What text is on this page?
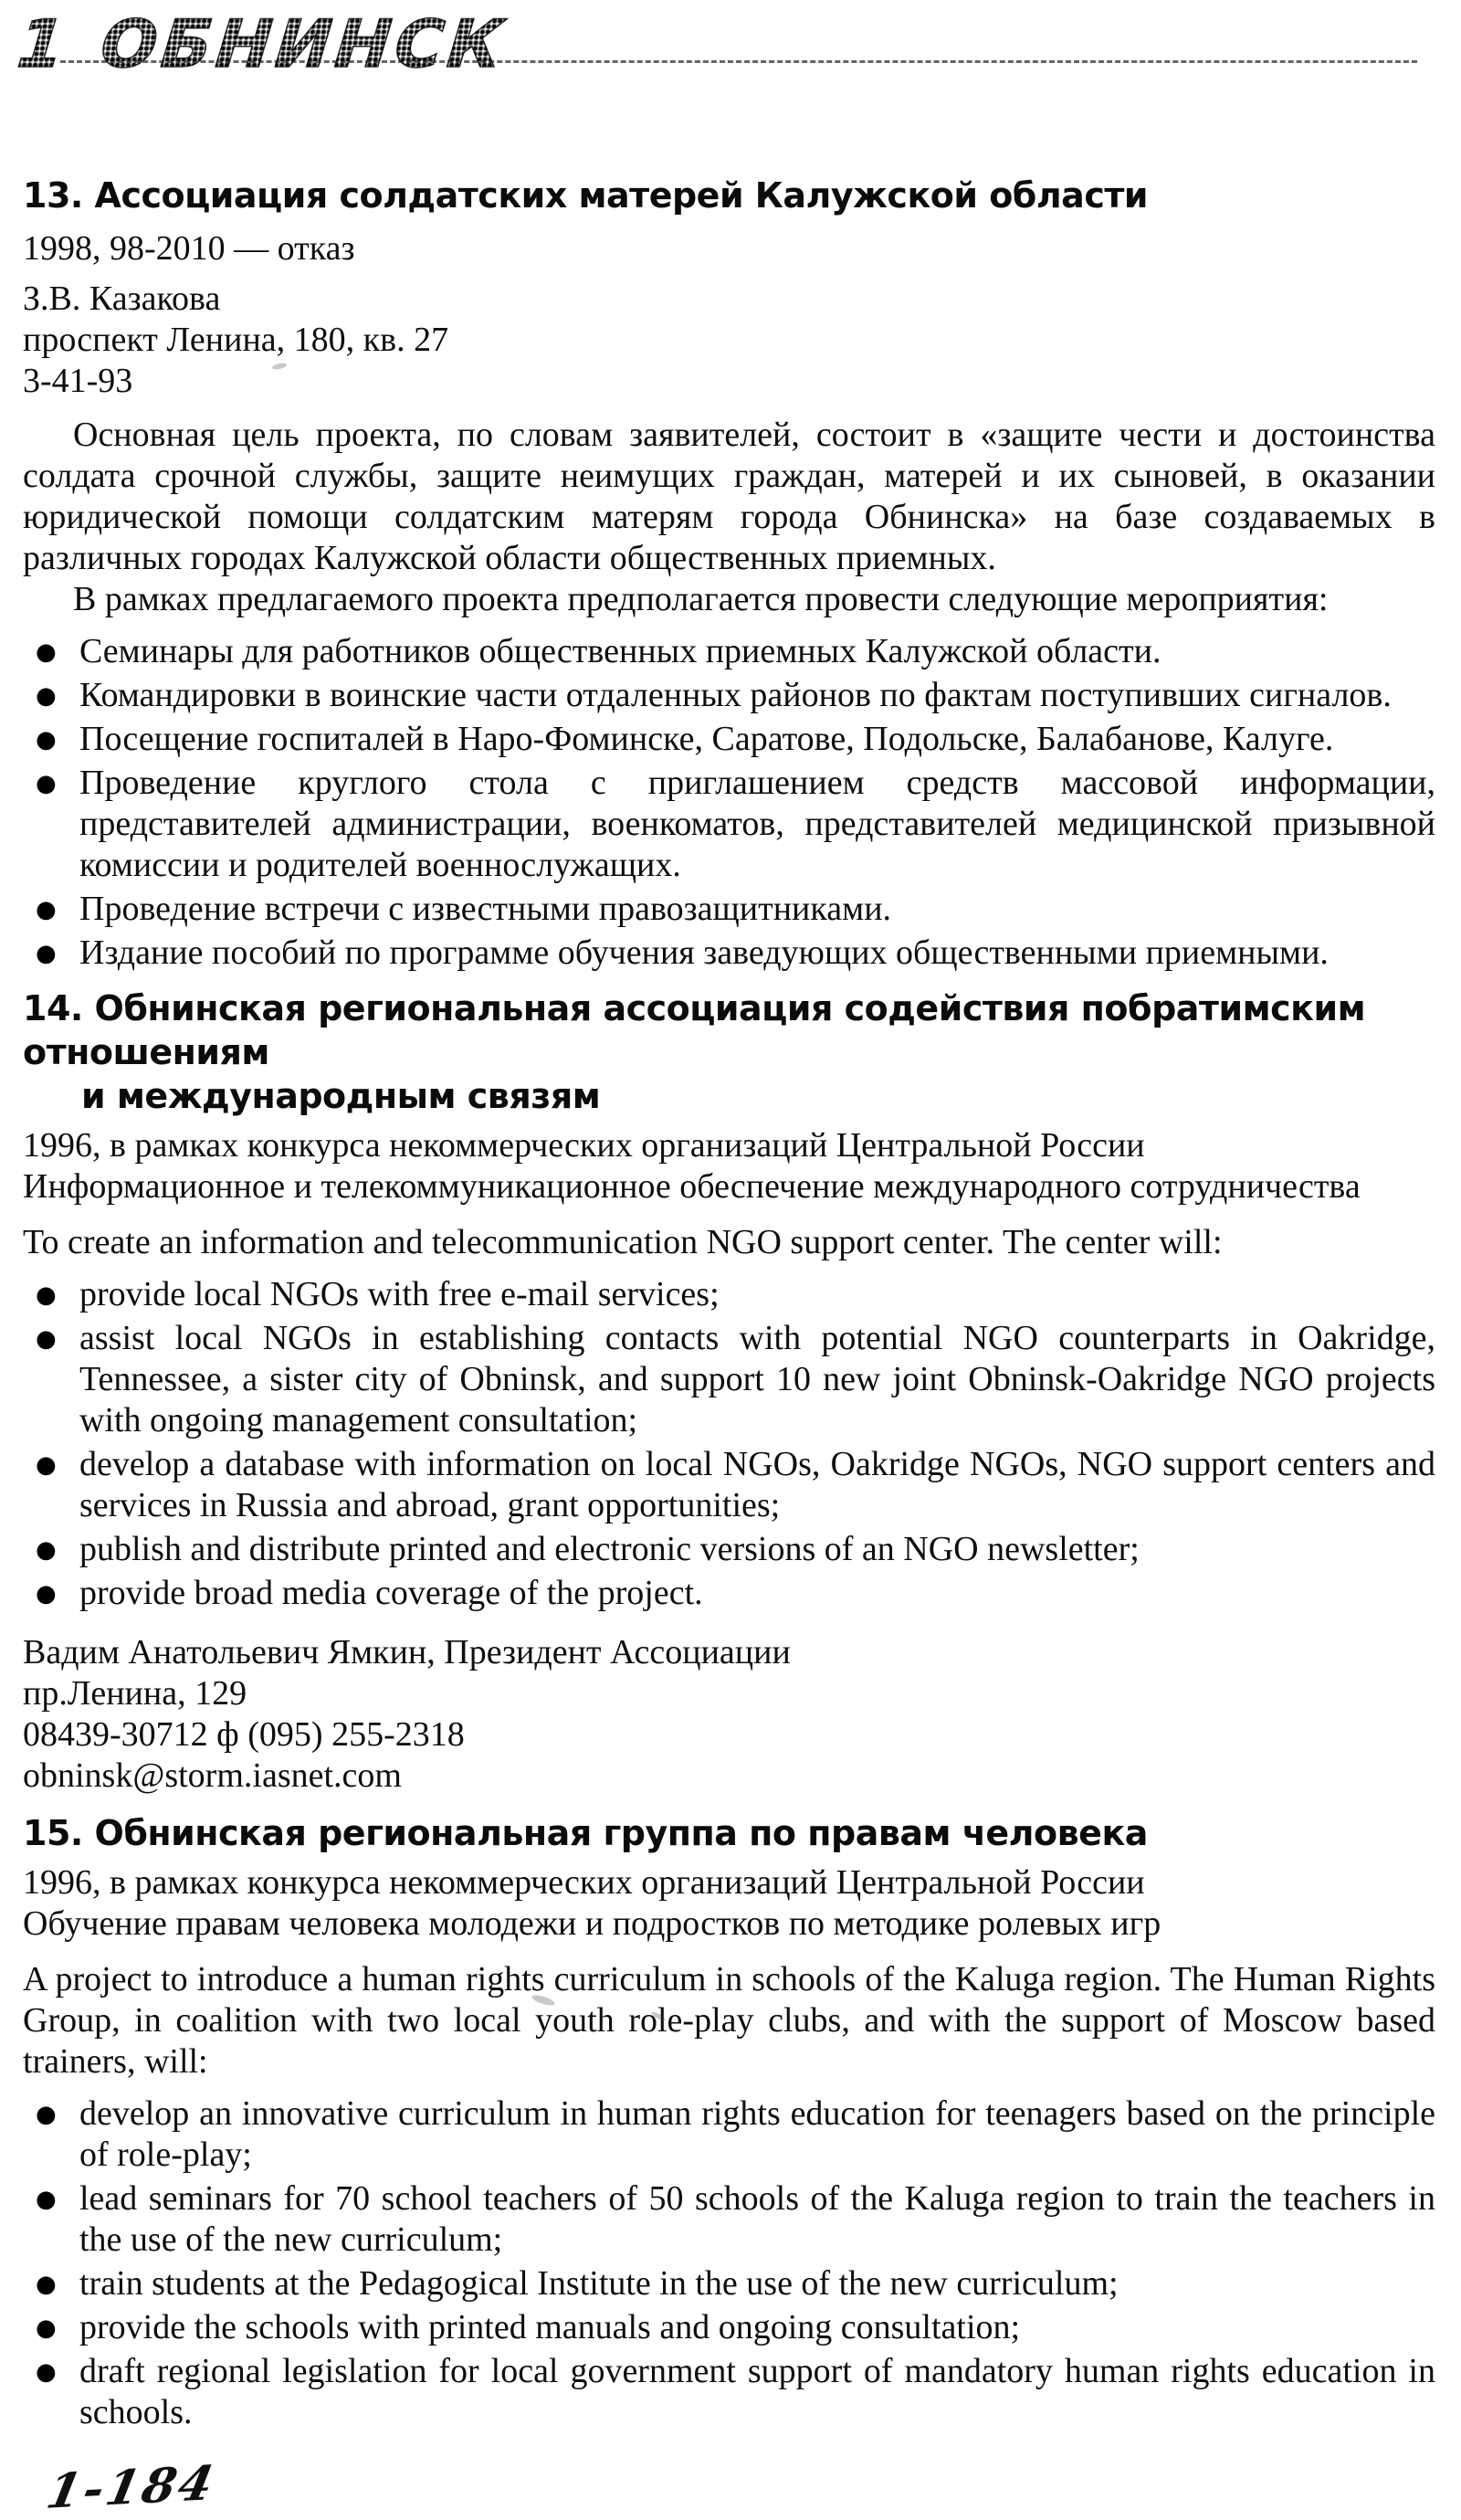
1 ОБНИНСК
13. Ассоциация солдатских матерей Калужской области

1998, 98-2010 — отказ

З.В. Казакова

проспект Ленина, 180, кв. 27

3-41-93

Основная цель проекта, по словам заявителей, состоит в «защите чести и достоинства солдата срочной службы, защите неимущих граждан, матерей и их сыновей, в оказании юридической помощи солдатским матерям города Обнинска» на базе создаваемых в различных городах Калужской области общественных приемных.

В рамках предлагаемого проекта предполагается провести следующие мероприятия:

● Семинары для работников общественных приемных Калужской области.
● Командировки в воинские части отдаленных районов по фактам поступивших сигналов.
● Посещение госпиталей в Наро-Фоминске, Саратове, Подольске, Балабанове, Калуге.
● Проведение круглого стола с приглашением средств массовой информации, представителей администрации, военкоматов, представителей медицинской призывной комиссии и родителей военнослужащих.
● Проведение встречи с известными правозащитниками.
● Издание пособий по программе обучения заведующих общественными приемными.
14. Обнинская региональная ассоциация содействия побратимским отношениям
и международным связям

1996, в рамках конкурса некоммерческих организаций Центральной России

Информационное и телекоммуникационное обеспечение международного сотрудничества

To create an information and telecommunication NGO support center. The center will:

● provide local NGOs with free e-mail services;
● assist local NGOs in establishing contacts with potential NGO counterparts in Oakridge, Tennessee, a sister city of Obninsk, and support 10 new joint Obninsk-Oakridge NGO projects with ongoing management consultation;
● develop a database with information on local NGOs, Oakridge NGOs, NGO support centers and services in Russia and abroad, grant opportunities;
● publish and distribute printed and electronic versions of an NGO newsletter;
● provide broad media coverage of the project.

Вадим Анатольевич Ямкин, Президент Ассоциации

пр.Ленина, 129

08439-30712 ф (095) 255-2318

obninsk@storm.iasnet.com

15. Обнинская региональная группа по правам человека

1996, в рамках конкурса некоммерческих организаций Центральной России

Обучение правам человека молодежи и подростков по методике ролевых игр

A project to introduce a human rights curriculum in schools of the Kaluga region. The Human Rights Group, in coalition with two local youth role-play clubs, and with the support of Moscow based trainers, will:

● develop an innovative curriculum in human rights education for teenagers based on the principle of role-play;
● lead seminars for 70 school teachers of 50 schools of the Kaluga region to train the teachers in the use of the new curriculum;
● train students at the Pedagogical Institute in the use of the new curriculum;
● provide the schools with printed manuals and ongoing consultation;
● draft regional legislation for local government support of mandatory human rights education in schools.
1-184
